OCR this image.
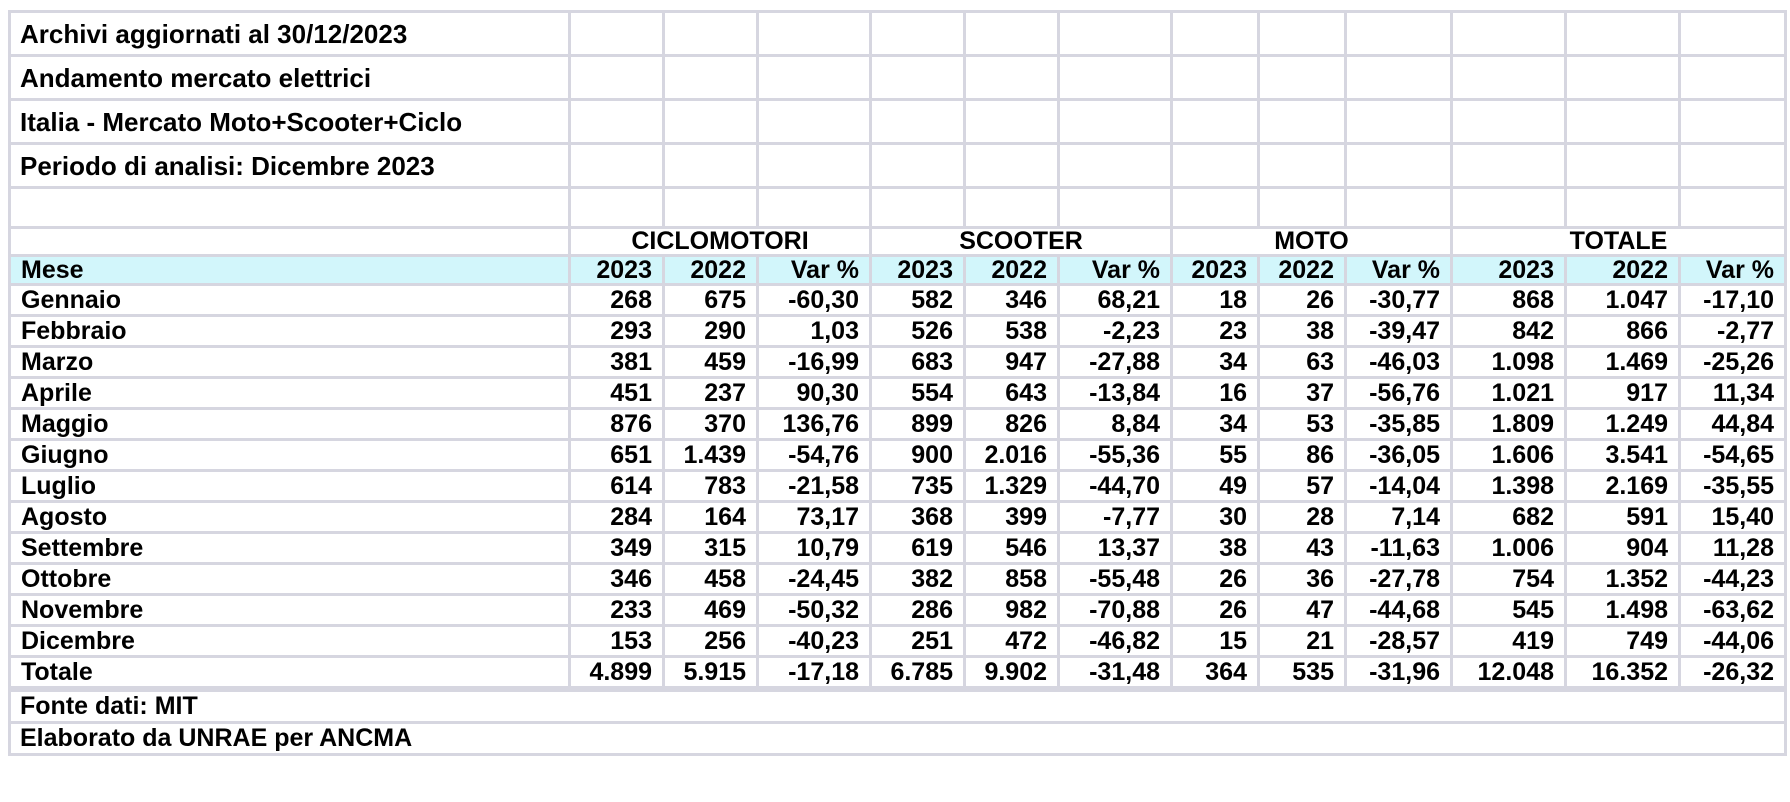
Archivi aggiornati al 30/12/2023												
Andamento mercato elettrici												
Italia - Mercato Moto+Scooter+Ciclo												
Periodo di analisi: Dicembre 2023												

	CICLOMOTORI			SCOOTER			MOTO			TOTALE		
Mese	2023	2022	Var %	2023	2022	Var %	2023	2022	Var %	2023	2022	Var %
Gennaio	268	675	-60,30	582	346	68,21	18	26	-30,77	868	1.047	-17,10
Febbraio	293	290	1,03	526	538	-2,23	23	38	-39,47	842	866	-2,77
Marzo	381	459	-16,99	683	947	-27,88	34	63	-46,03	1.098	1.469	-25,26
Aprile	451	237	90,30	554	643	-13,84	16	37	-56,76	1.021	917	11,34
Maggio	876	370	136,76	899	826	8,84	34	53	-35,85	1.809	1.249	44,84
Giugno	651	1.439	-54,76	900	2.016	-55,36	55	86	-36,05	1.606	3.541	-54,65
Luglio	614	783	-21,58	735	1.329	-44,70	49	57	-14,04	1.398	2.169	-35,55
Agosto	284	164	73,17	368	399	-7,77	30	28	7,14	682	591	15,40
Settembre	349	315	10,79	619	546	13,37	38	43	-11,63	1.006	904	11,28
Ottobre	346	458	-24,45	382	858	-55,48	26	36	-27,78	754	1.352	-44,23
Novembre	233	469	-50,32	286	982	-70,88	26	47	-44,68	545	1.498	-63,62
Dicembre	153	256	-40,23	251	472	-46,82	15	21	-28,57	419	749	-44,06
Totale	4.899	5.915	-17,18	6.785	9.902	-31,48	364	535	-31,96	12.048	16.352	-26,32
Fonte dati: MIT												
Elaborato da UNRAE per ANCMA												
